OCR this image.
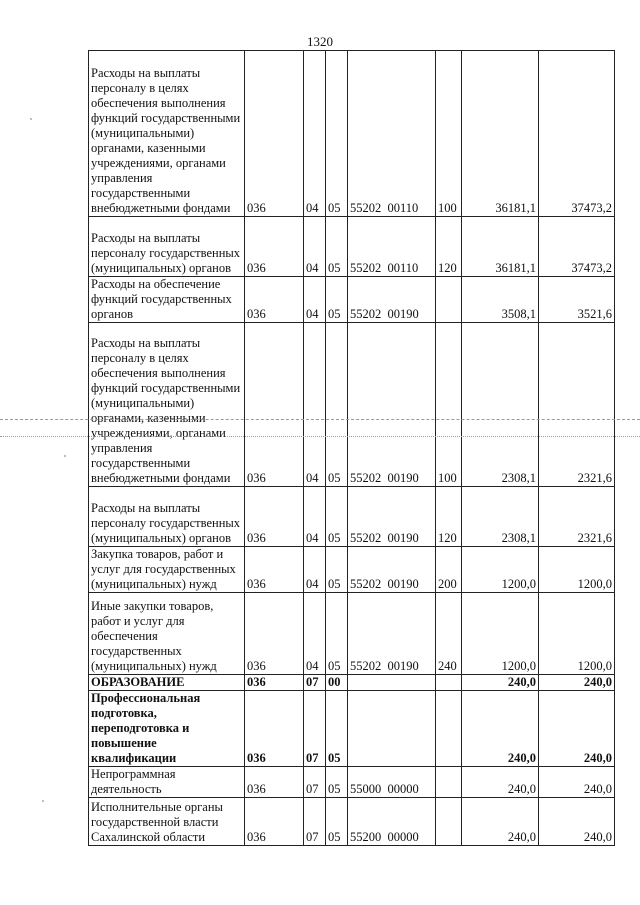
1320
Расходы на выплаты персоналу в целях обеспечения выполнения функций государственными (муниципальными) органами, казенными учреждениями, органами управления государственными внебюджетными фондами	036	04	05	55202 00110	100	36181,1	37473,2
Расходы на выплаты персоналу государственных (муниципальных) органов	036	04	05	55202 00110	120	36181,1	37473,2
Расходы на обеспечение функций государственных органов	036	04	05	55202 00190		3508,1	3521,6
Расходы на выплаты персоналу в целях обеспечения выполнения функций государственными (муниципальными) органами, казенными учреждениями, органами управления государственными внебюджетными фондами	036	04	05	55202 00190	100	2308,1	2321,6
Расходы на выплаты персоналу государственных (муниципальных) органов	036	04	05	55202 00190	120	2308,1	2321,6
Закупка товаров, работ и услуг для государственных (муниципальных) нужд	036	04	05	55202 00190	200	1200,0	1200,0
Иные закупки товаров, работ и услуг для обеспечения государственных (муниципальных) нужд	036	04	05	55202 00190	240	1200,0	1200,0
ОБРАЗОВАНИЕ	036	07	00			240,0	240,0
Профессиональная подготовка, переподготовка и повышение квалификации	036	07	05			240,0	240,0
Непрограммная деятельность	036	07	05	55000 00000		240,0	240,0
Исполнительные органы государственной власти Сахалинской области	036	07	05	55200 00000		240,0	240,0
